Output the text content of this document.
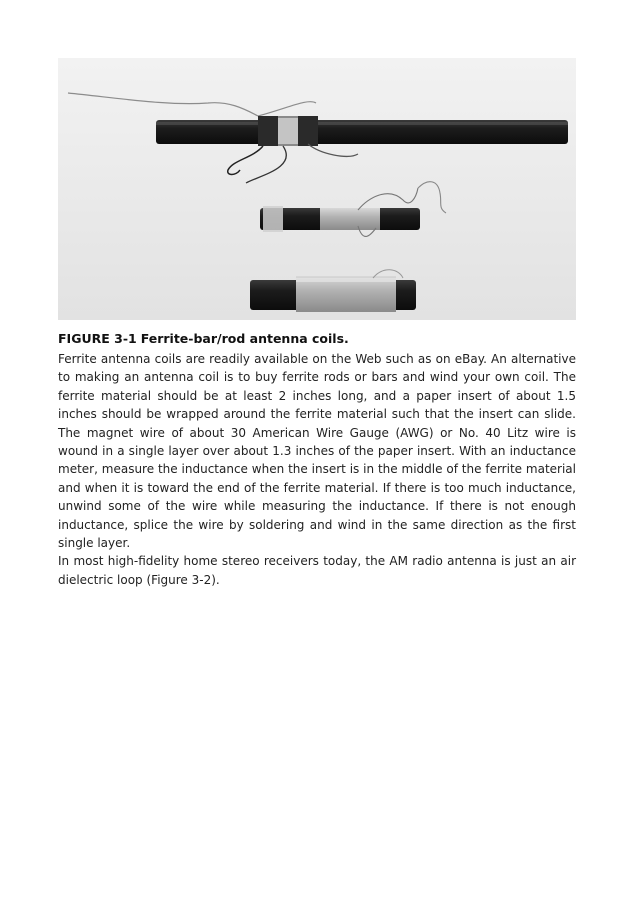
FIGURE 3-1 Ferrite-bar/rod antenna coils.

Ferrite antenna coils are readily available on the Web such as on eBay. An alternative to making an antenna coil is to buy ferrite rods or bars and wind your own coil. The ferrite material should be at least 2 inches long, and a paper insert of about 1.5 inches should be wrapped around the ferrite material such that the insert can slide. The magnet wire of about 30 American Wire Gauge (AWG) or No. 40 Litz wire is wound in a single layer over about 1.3 inches of the paper insert. With an inductance meter, measure the inductance when the insert is in the middle of the ferrite material and when it is toward the end of the ferrite material. If there is too much inductance, unwind some of the wire while measuring the inductance. If there is not enough inductance, splice the wire by soldering and wind in the same direction as the first single layer.

In most high-fidelity home stereo receivers today, the AM radio antenna is just an air dielectric loop (Figure 3-2).
